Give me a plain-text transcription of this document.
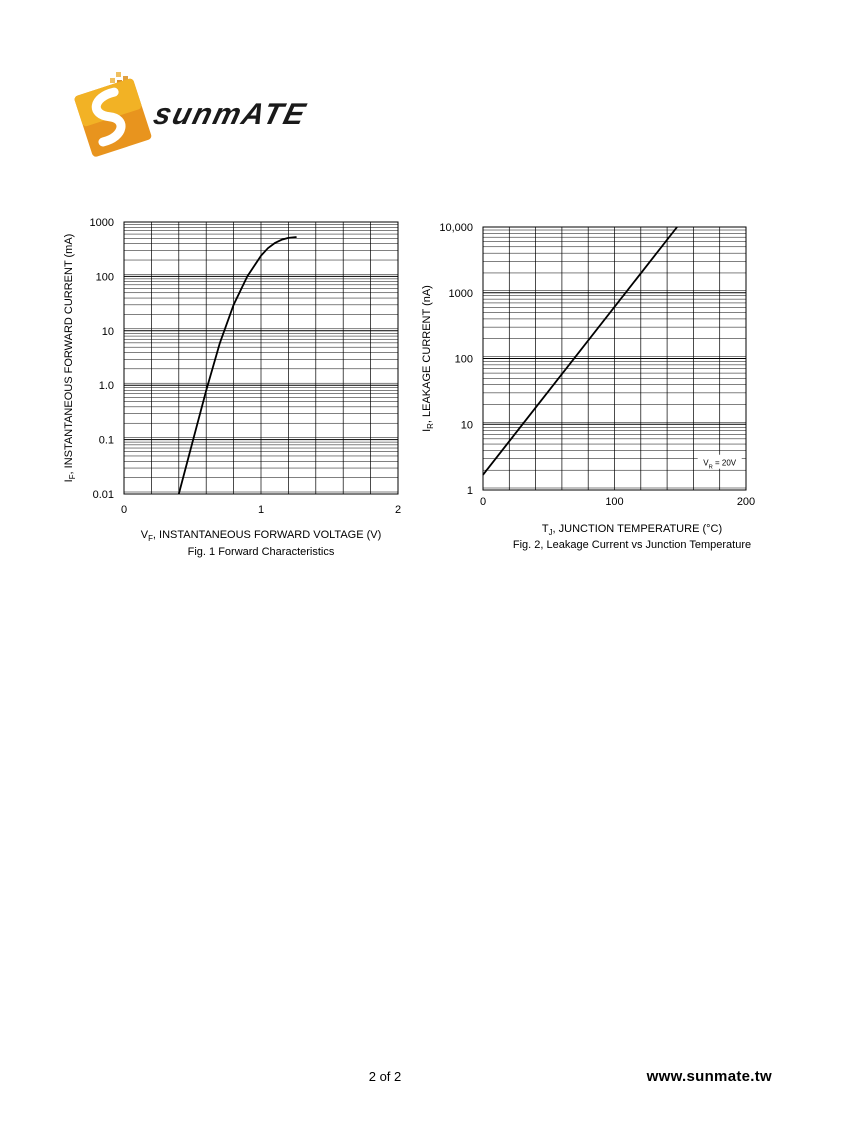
sunmATE
0.01
0.1
1.0
10
100
1000
0	1	2
$V_F$, INSTANTANEOUS FORWARD VOLTAGE (V)
$I_F$, INSTANTANEOUS FORWARD CURRENT (mA)
Fig. 1 Forward Characteristics
1
10
100
1000
10,000
0	100	200
$V_R = 20V$
$T_J$, JUNCTION TEMPERATURE (°C)
$I_R$, LEAKAGE CURRENT (nA)
Fig. 2, Leakage Current vs Junction Temperature
2 of 2	www.sunmate.tw
